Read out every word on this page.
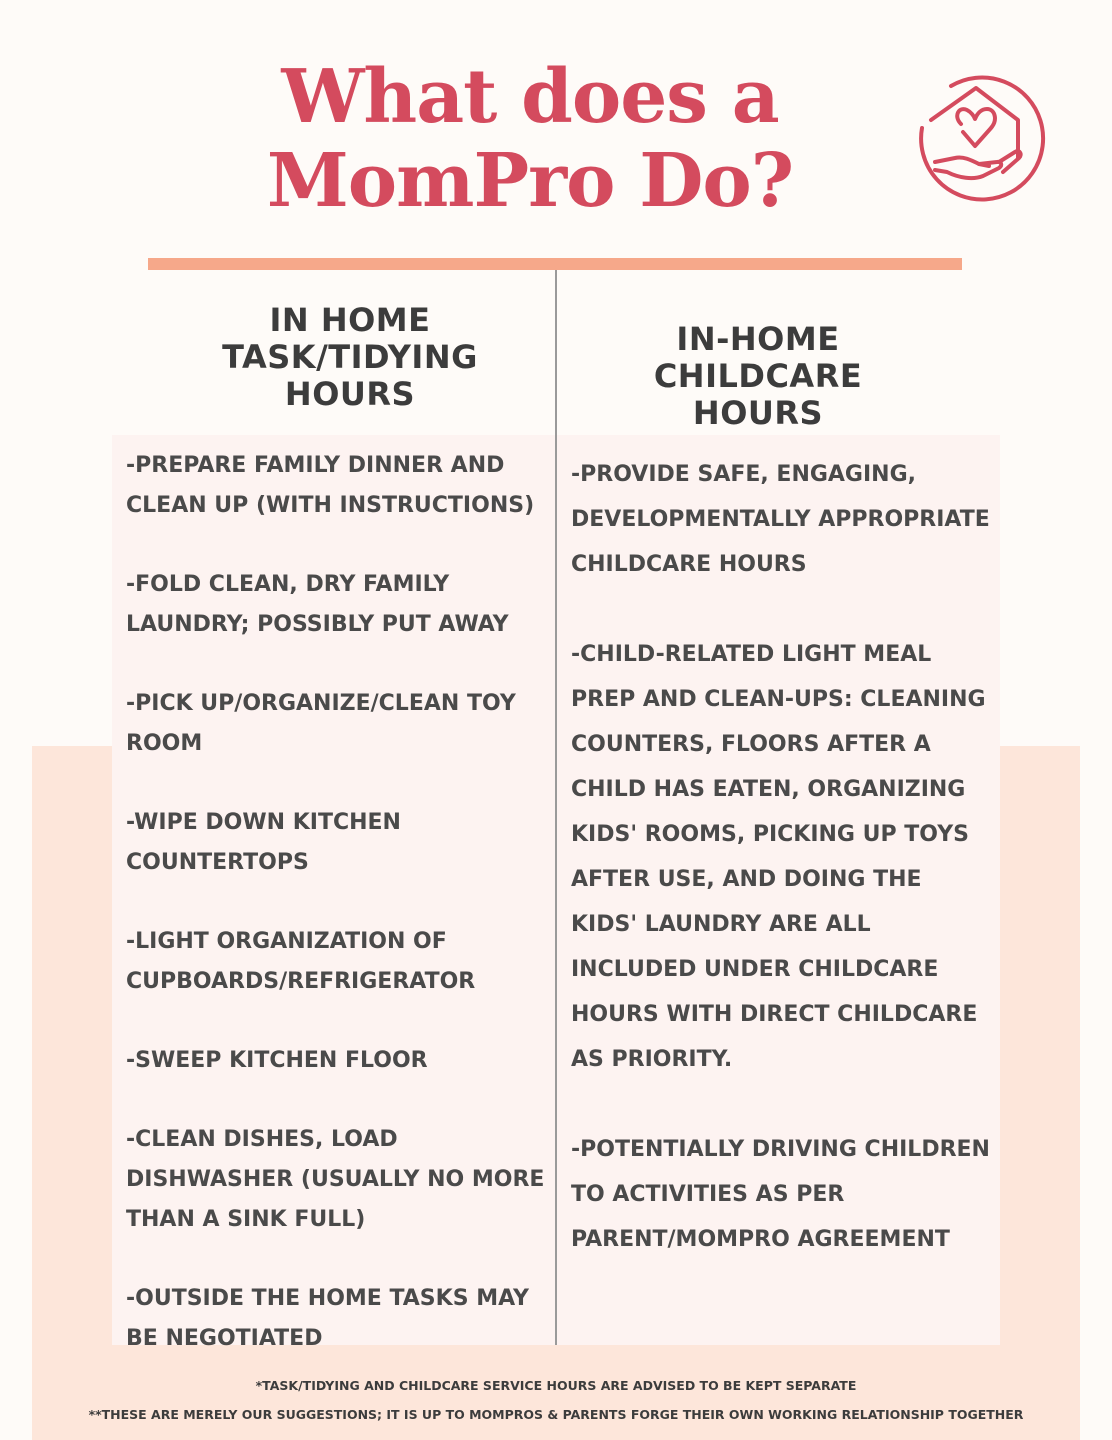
What does a
MomPro Do?
IN HOME
TASK/TIDYING
HOURS
IN-HOME CHILDCARE
HOURS
-PREPARE FAMILY DINNER AND CLEAN UP (WITH INSTRUCTIONS)
-FOLD CLEAN, DRY FAMILY LAUNDRY; POSSIBLY PUT AWAY
-PICK UP/ORGANIZE/CLEAN TOY ROOM
-WIPE DOWN KITCHEN COUNTERTOPS
-LIGHT ORGANIZATION OF CUPBOARDS/REFRIGERATOR
-SWEEP KITCHEN FLOOR
-CLEAN DISHES, LOAD DISHWASHER (USUALLY NO MORE THAN A SINK FULL)
-OUTSIDE THE HOME TASKS MAY BE NEGOTIATED
-PROVIDE SAFE, ENGAGING, DEVELOPMENTALLY APPROPRIATE CHILDCARE HOURS
-CHILD-RELATED LIGHT MEAL PREP AND CLEAN-UPS: CLEANING COUNTERS, FLOORS AFTER A CHILD HAS EATEN, ORGANIZING KIDS' ROOMS, PICKING UP TOYS AFTER USE, AND DOING THE KIDS' LAUNDRY ARE ALL INCLUDED UNDER CHILDCARE HOURS WITH DIRECT CHILDCARE AS PRIORITY.
-POTENTIALLY DRIVING CHILDREN TO ACTIVITIES AS PER PARENT/MOMPRO AGREEMENT

*TASK/TIDYING AND CHILDCARE SERVICE HOURS ARE ADVISED TO BE KEPT SEPARATE

**THESE ARE MERELY OUR SUGGESTIONS; IT IS UP TO MOMPROS & PARENTS FORGE THEIR OWN WORKING RELATIONSHIP TOGETHER
